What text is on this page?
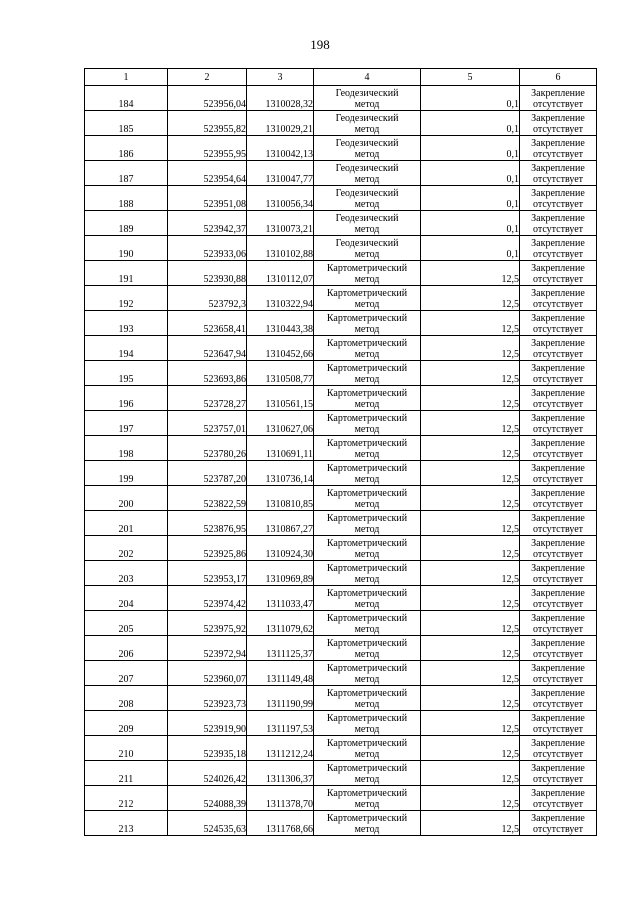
198
1	2	3	4	5	6
184	523956,04	1310028,32	Геодезический
метод	0,1	Закрепление
отсутствует

185	523955,82	1310029,21	Геодезический
метод	0,1	Закрепление
отсутствует

186	523955,95	1310042,13	Геодезический
метод	0,1	Закрепление
отсутствует

187	523954,64	1310047,77	Геодезический
метод	0,1	Закрепление
отсутствует

188	523951,08	1310056,34	Геодезический
метод	0,1	Закрепление
отсутствует

189	523942,37	1310073,21	Геодезический
метод	0,1	Закрепление
отсутствует

190	523933,06	1310102,88	Геодезический
метод	0,1	Закрепление
отсутствует

191	523930,88	1310112,07	Картометрический
метод	12,5	Закрепление
отсутствует

192	523792,3	1310322,94	Картометрический
метод	12,5	Закрепление
отсутствует

193	523658,41	1310443,38	Картометрический
метод	12,5	Закрепление
отсутствует

194	523647,94	1310452,66	Картометрический
метод	12,5	Закрепление
отсутствует

195	523693,86	1310508,77	Картометрический
метод	12,5	Закрепление
отсутствует

196	523728,27	1310561,15	Картометрический
метод	12,5	Закрепление
отсутствует

197	523757,01	1310627,06	Картометрический
метод	12,5	Закрепление
отсутствует

198	523780,26	1310691,11	Картометрический
метод	12,5	Закрепление
отсутствует

199	523787,20	1310736,14	Картометрический
метод	12,5	Закрепление
отсутствует

200	523822,59	1310810,85	Картометрический
метод	12,5	Закрепление
отсутствует

201	523876,95	1310867,27	Картометрический
метод	12,5	Закрепление
отсутствует

202	523925,86	1310924,30	Картометрический
метод	12,5	Закрепление
отсутствует

203	523953,17	1310969,89	Картометрический
метод	12,5	Закрепление
отсутствует

204	523974,42	1311033,47	Картометрический
метод	12,5	Закрепление
отсутствует

205	523975,92	1311079,62	Картометрический
метод	12,5	Закрепление
отсутствует

206	523972,94	1311125,37	Картометрический
метод	12,5	Закрепление
отсутствует

207	523960,07	1311149,48	Картометрический
метод	12,5	Закрепление
отсутствует

208	523923,73	1311190,99	Картометрический
метод	12,5	Закрепление
отсутствует

209	523919,90	1311197,53	Картометрический
метод	12,5	Закрепление
отсутствует

210	523935,18	1311212,24	Картометрический
метод	12,5	Закрепление
отсутствует

211	524026,42	1311306,37	Картометрический
метод	12,5	Закрепление
отсутствует

212	524088,39	1311378,70	Картометрический
метод	12,5	Закрепление
отсутствует

213	524535,63	1311768,66	Картометрический
метод	12,5	Закрепление
отсутствует
